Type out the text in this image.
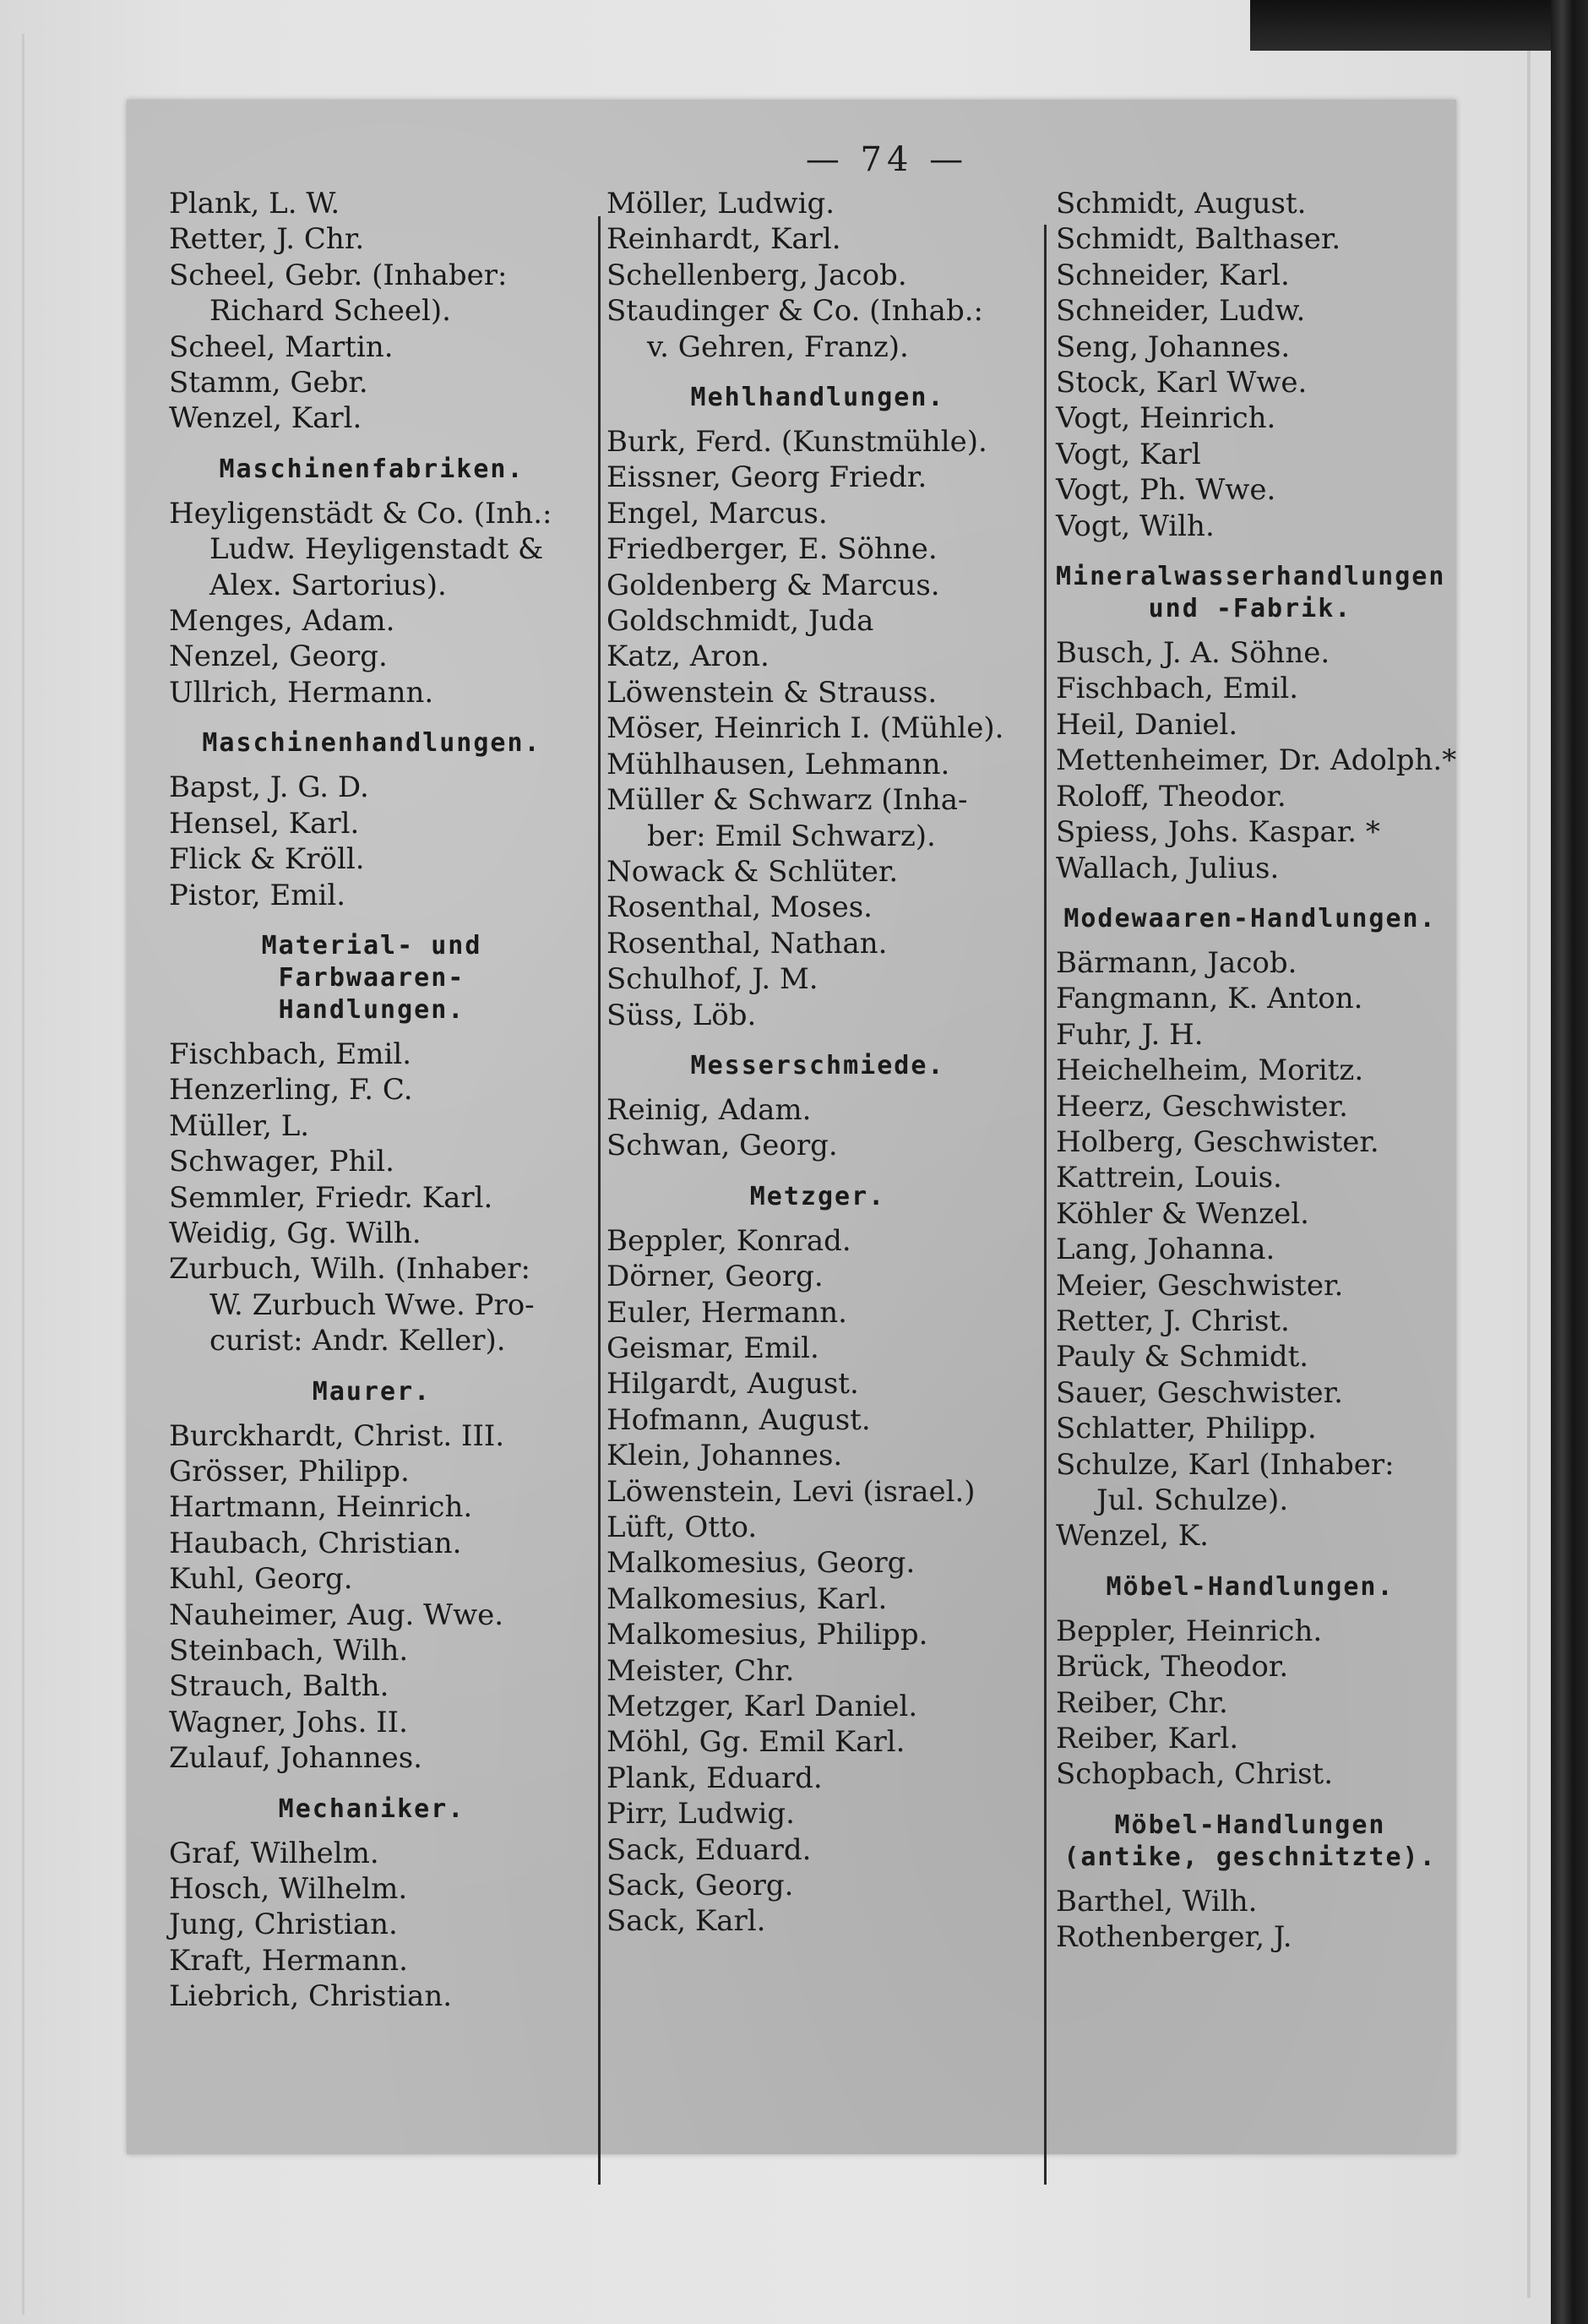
— 74 —
Plank, L. W.
Retter, J. Chr.
Scheel, Gebr. (Inhaber:
Richard Scheel).
Scheel, Martin.
Stamm, Gebr.
Wenzel, Karl.
Maschinenfabriken.
Heyligenstädt & Co. (Inh.:
Ludw. Heyligenstadt &
Alex. Sartorius).
Menges, Adam.
Nenzel, Georg.
Ullrich, Hermann.
Maschinenhandlungen.
Bapst, J. G. D.
Hensel, Karl.
Flick & Kröll.
Pistor, Emil.
Material- und Farbwaaren-
Handlungen.
Fischbach, Emil.
Henzerling, F. C.
Müller, L.
Schwager, Phil.
Semmler, Friedr. Karl.
Weidig, Gg. Wilh.
Zurbuch, Wilh. (Inhaber:
W. Zurbuch Wwe. Pro-
curist: Andr. Keller).
Maurer.
Burckhardt, Christ. III.
Grösser, Philipp.
Hartmann, Heinrich.
Haubach, Christian.
Kuhl, Georg.
Nauheimer, Aug. Wwe.
Steinbach, Wilh.
Strauch, Balth.
Wagner, Johs. II.
Zulauf, Johannes.
Mechaniker.
Graf, Wilhelm.
Hosch, Wilhelm.
Jung, Christian.
Kraft, Hermann.
Liebrich, Christian.
Möller, Ludwig.
Reinhardt, Karl.
Schellenberg, Jacob.
Staudinger & Co. (Inhab.:
v. Gehren, Franz).
Mehlhandlungen.
Burk, Ferd. (Kunstmühle).
Eissner, Georg Friedr.
Engel, Marcus.
Friedberger, E. Söhne.
Goldenberg & Marcus.
Goldschmidt, Juda
Katz, Aron.
Löwenstein & Strauss.
Möser, Heinrich I. (Mühle).
Mühlhausen, Lehmann.
Müller & Schwarz (Inha-
ber: Emil Schwarz).
Nowack & Schlüter.
Rosenthal, Moses.
Rosenthal, Nathan.
Schulhof, J. M.
Süss, Löb.
Messerschmiede.
Reinig, Adam.
Schwan, Georg.
Metzger.
Beppler, Konrad.
Dörner, Georg.
Euler, Hermann.
Geismar, Emil.
Hilgardt, August.
Hofmann, August.
Klein, Johannes.
Löwenstein, Levi (israel.)
Lüft, Otto.
Malkomesius, Georg.
Malkomesius, Karl.
Malkomesius, Philipp.
Meister, Chr.
Metzger, Karl Daniel.
Möhl, Gg. Emil Karl.
Plank, Eduard.
Pirr, Ludwig.
Sack, Eduard.
Sack, Georg.
Sack, Karl.
Schmidt, August.
Schmidt, Balthaser.
Schneider, Karl.
Schneider, Ludw.
Seng, Johannes.
Stock, Karl Wwe.
Vogt, Heinrich.
Vogt, Karl
Vogt, Ph. Wwe.
Vogt, Wilh.
Mineralwasserhandlungen
und -Fabrik.
Busch, J. A. Söhne.
Fischbach, Emil.
Heil, Daniel.
Mettenheimer, Dr. Adolph.*
Roloff, Theodor.
Spiess, Johs. Kaspar. *
Wallach, Julius.
Modewaaren-Handlungen.
Bärmann, Jacob.
Fangmann, K. Anton.
Fuhr, J. H.
Heichelheim, Moritz.
Heerz, Geschwister.
Holberg, Geschwister.
Kattrein, Louis.
Köhler & Wenzel.
Lang, Johanna.
Meier, Geschwister.
Retter, J. Christ.
Pauly & Schmidt.
Sauer, Geschwister.
Schlatter, Philipp.
Schulze, Karl (Inhaber:
Jul. Schulze).
Wenzel, K.
Möbel-Handlungen.
Beppler, Heinrich.
Brück, Theodor.
Reiber, Chr.
Reiber, Karl.
Schopbach, Christ.
Möbel-Handlungen
(antike, geschnitzte).
Barthel, Wilh.
Rothenberger, J.
